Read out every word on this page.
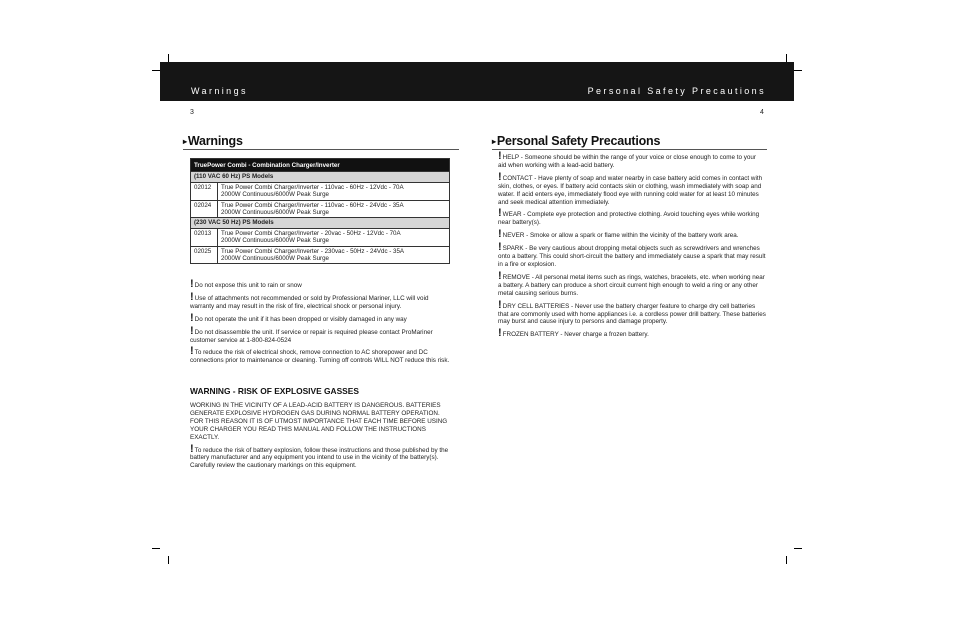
Warnings	Personal Safety Precautions
3	4
▸Warnings
TruePower Combi - Combination Charger/Inverter	
(110 VAC 60 Hz) PS Models	
02012	True Power Combi Charger/Inverter - 110vac - 60Hz - 12Vdc - 70A
2000W Continuous/6000W Peak Surge

02024	True Power Combi Charger/Inverter - 110vac - 60Hz - 24Vdc - 35A
2000W Continuous/6000W Peak Surge

(230 VAC 50 Hz) PS Models	
02013	True Power Combi Charger/Inverter - 20vac - 50Hz - 12Vdc - 70A
2000W Continuous/6000W Peak Surge

02025	True Power Combi Charger/Inverter - 230vac - 50Hz - 24Vdc - 35A
2000W Continuous/6000W Peak Surge
!Do not expose this unit to rain or snow
!Use of attachments not recommended or sold by Professional Mariner, LLC will void warranty and may result in the risk of fire, electrical shock or personal injury.
!Do not operate the unit if it has been dropped or visibly damaged in any way
!Do not disassemble the unit. If service or repair is required please contact ProMariner customer service at 1-800-824-0524
!To reduce the risk of electrical shock, remove connection to AC shorepower and DC connections prior to maintenance or cleaning. Turning off controls WILL NOT reduce this risk.
WARNING - RISK OF EXPLOSIVE GASSES
WORKING IN THE VICINITY OF A LEAD-ACID BATTERY IS DANGEROUS. BATTERIES GENERATE EXPLOSIVE HYDROGEN GAS DURING NORMAL BATTERY OPERATION. FOR THIS REASON IT IS OF UTMOST IMPORTANCE THAT EACH TIME BEFORE USING YOUR CHARGER YOU READ THIS MANUAL AND FOLLOW THE INSTRUCTIONS EXACTLY.
!To reduce the risk of battery explosion, follow these instructions and those published by the battery manufacturer and any equipment you intend to use in the vicinity of the battery(s). Carefully review the cautionary markings on this equipment.
▸Personal Safety Precautions
!HELP - Someone should be within the range of your voice or close enough to come to your aid when working with a lead-acid battery.
!CONTACT - Have plenty of soap and water nearby in case battery acid comes in contact with skin, clothes, or eyes. If battery acid contacts skin or clothing, wash immediately with soap and water. If acid enters eye, immediately flood eye with running cold water for at least 10 minutes and seek medical attention immediately.
!WEAR - Complete eye protection and protective clothing. Avoid touching eyes while working near battery(s).
!NEVER - Smoke or allow a spark or flame within the vicinity of the battery work area.
!SPARK - Be very cautious about dropping metal objects such as screwdrivers and wrenches onto a battery. This could short-circuit the battery and immediately cause a spark that may result in a fire or explosion.
!REMOVE - All personal metal items such as rings, watches, bracelets, etc. when working near a battery. A battery can produce a short circuit current high enough to weld a ring or any other metal causing serious burns.
!DRY CELL BATTERIES - Never use the battery charger feature to charge dry cell batteries that are commonly used with home appliances i.e. a cordless power drill battery. These batteries may burst and cause injury to persons and damage property.
!FROZEN BATTERY - Never charge a frozen battery.
